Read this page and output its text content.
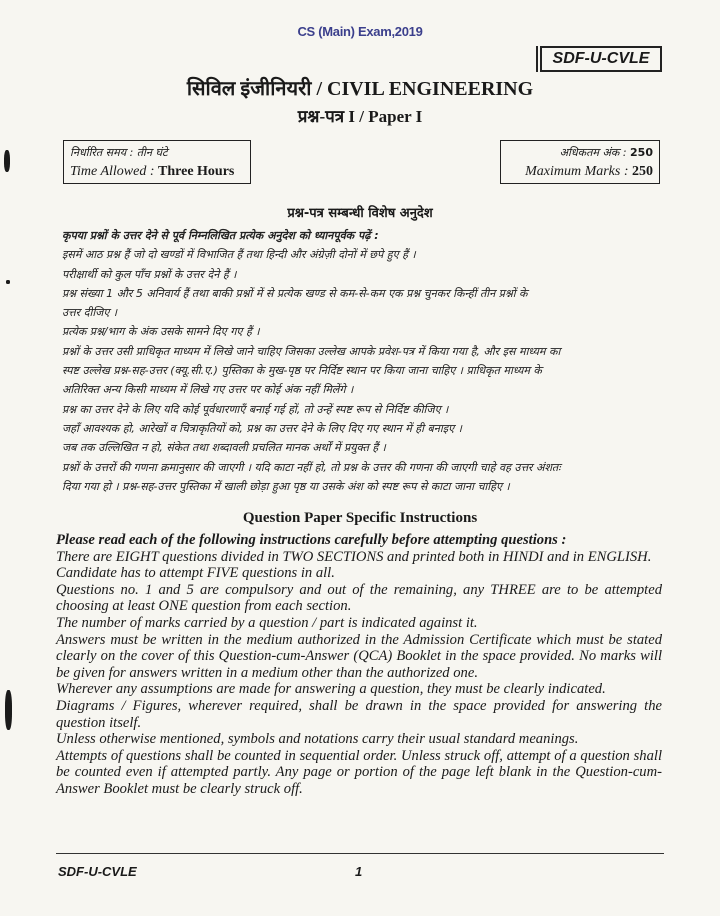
CS (Main) Exam,2019
SDF-U-CVLE
सिविल इंजीनियरी / CIVIL ENGINEERING
प्रश्न-पत्र I / Paper I
निर्धारित समय : तीन घंटे
Time Allowed : Three Hours
अधिकतम अंक : 250
Maximum Marks : 250
प्रश्न-पत्र सम्बन्धी विशेष अनुदेश

कृपया प्रश्नों के उत्तर देने से पूर्व निम्नलिखित प्रत्येक अनुदेश को ध्यानपूर्वक पढ़ें :

इसमें आठ प्रश्न हैं जो दो खण्डों में विभाजित हैं तथा हिन्दी और अंग्रेज़ी दोनों में छपे हुए हैं ।

परीक्षार्थी को कुल पाँच प्रश्नों के उत्तर देने हैं ।

प्रश्न संख्या 1 और 5 अनिवार्य हैं तथा बाकी प्रश्नों में से प्रत्येक खण्ड से कम-से-कम एक प्रश्न चुनकर किन्हीं तीन प्रश्नों के

उत्तर दीजिए ।

प्रत्येक प्रश्न/भाग के अंक उसके सामने दिए गए हैं ।

प्रश्नों के उत्तर उसी प्राधिकृत माध्यम में लिखे जाने चाहिए जिसका उल्लेख आपके प्रवेश-पत्र में किया गया है, और इस माध्यम का

स्पष्ट उल्लेख प्रश्न-सह-उत्तर (क्यू.सी.ए.) पुस्तिका के मुख-पृष्ठ पर निर्दिष्ट स्थान पर किया जाना चाहिए । प्राधिकृत माध्यम के

अतिरिक्त अन्य किसी माध्यम में लिखे गए उत्तर पर कोई अंक नहीं मिलेंगे ।

प्रश्न का उत्तर देने के लिए यदि कोई पूर्वधारणाएँ बनाई गई हों, तो उन्हें स्पष्ट रूप से निर्दिष्ट कीजिए ।

जहाँ आवश्यक हो, आरेखों व चित्राकृतियों को, प्रश्न का उत्तर देने के लिए दिए गए स्थान में ही बनाइए ।

जब तक उल्लिखित न हो, संकेत तथा शब्दावली प्रचलित मानक अर्थों में प्रयुक्त हैं ।

प्रश्नों के उत्तरों की गणना क्रमानुसार की जाएगी । यदि काटा नहीं हो, तो प्रश्न के उत्तर की गणना की जाएगी चाहे वह उत्तर अंशतः

दिया गया हो । प्रश्न-सह-उत्तर पुस्तिका में खाली छोड़ा हुआ पृष्ठ या उसके अंश को स्पष्ट रूप से काटा जाना चाहिए ।

Question Paper Specific Instructions

Please read each of the following instructions carefully before attempting questions :

There are EIGHT questions divided in TWO SECTIONS and printed both in HINDI and in ENGLISH.

Candidate has to attempt FIVE questions in all.

Questions no. 1 and 5 are compulsory and out of the remaining, any THREE are to be attempted choosing at least ONE question from each section.

The number of marks carried by a question / part is indicated against it.

Answers must be written in the medium authorized in the Admission Certificate which must be stated clearly on the cover of this Question-cum-Answer (QCA) Booklet in the space provided. No marks will be given for answers written in a medium other than the authorized one.

Wherever any assumptions are made for answering a question, they must be clearly indicated.

Diagrams / Figures, wherever required, shall be drawn in the space provided for answering the question itself.

Unless otherwise mentioned, symbols and notations carry their usual standard meanings.

Attempts of questions shall be counted in sequential order. Unless struck off, attempt of a question shall be counted even if attempted partly. Any page or portion of the page left blank in the Question-cum-Answer Booklet must be clearly struck off.

SDF-U-CVLE	1
